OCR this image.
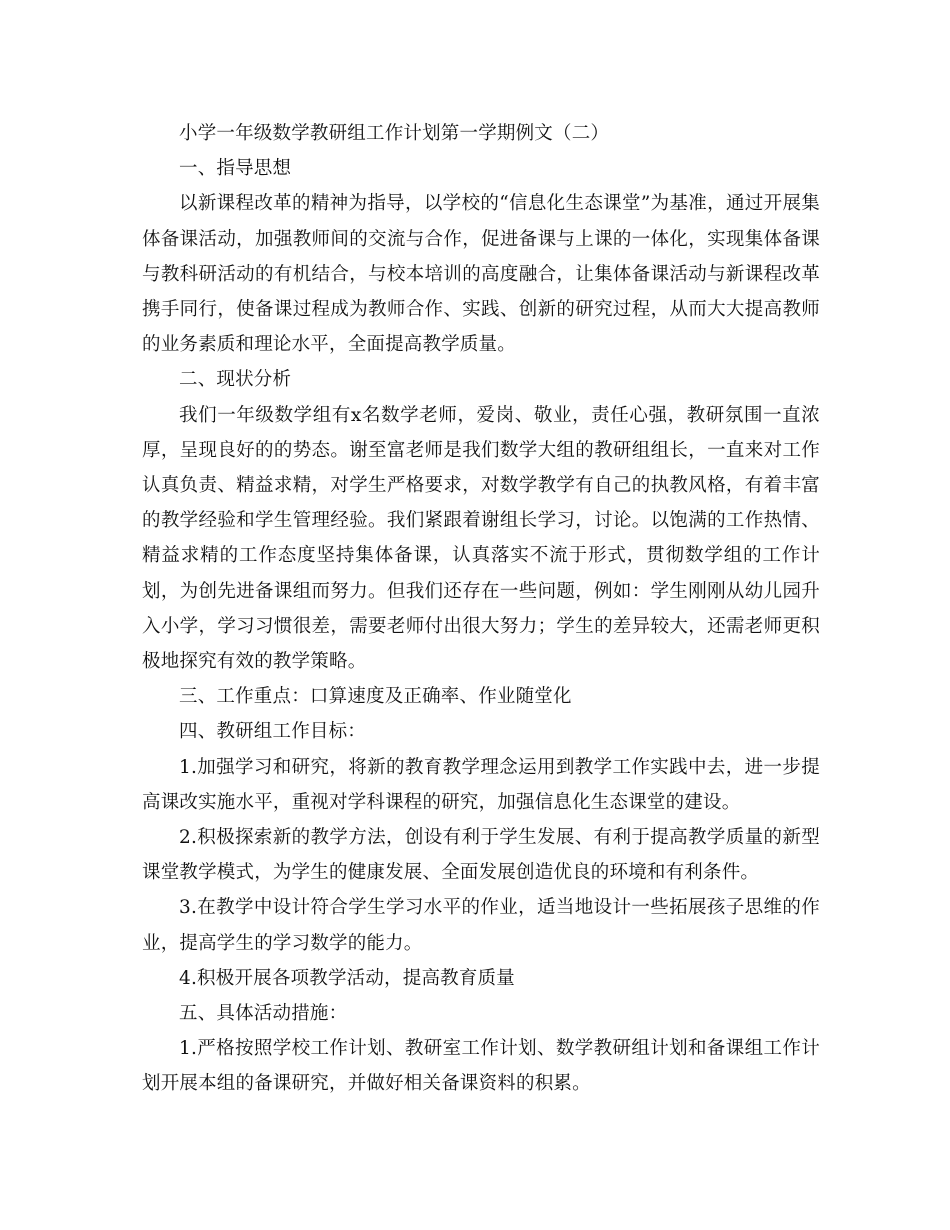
小学一年级数学教研组工作计划第一学期例文（二）

一、指导思想

以新课程改革的精神为指导，以学校的“信息化生态课堂”为基准，通过开展集体备课活动，加强教师间的交流与合作，促进备课与上课的一体化，实现集体备课与教科研活动的有机结合，与校本培训的高度融合，让集体备课活动与新课程改革携手同行，使备课过程成为教师合作、实践、创新的研究过程，从而大大提高教师的业务素质和理论水平，全面提高教学质量。

二、现状分析

我们一年级数学组有x名数学老师，爱岗、敬业，责任心强，教研氛围一直浓厚，呈现良好的的势态。谢至富老师是我们数学大组的教研组组长，一直来对工作认真负责、精益求精，对学生严格要求，对数学教学有自己的执教风格，有着丰富的教学经验和学生管理经验。我们紧跟着谢组长学习，讨论。以饱满的工作热情、精益求精的工作态度坚持集体备课，认真落实不流于形式，贯彻数学组的工作计划，为创先进备课组而努力。但我们还存在一些问题，例如：学生刚刚从幼儿园升入小学，学习习惯很差，需要老师付出很大努力；学生的差异较大，还需老师更积极地探究有效的教学策略。

三、工作重点：口算速度及正确率、作业随堂化

四、教研组工作目标：

1.加强学习和研究，将新的教育教学理念运用到教学工作实践中去，进一步提高课改实施水平，重视对学科课程的研究，加强信息化生态课堂的建设。

2.积极探索新的教学方法，创设有利于学生发展、有利于提高教学质量的新型课堂教学模式，为学生的健康发展、全面发展创造优良的环境和有利条件。

3.在教学中设计符合学生学习水平的作业，适当地设计一些拓展孩子思维的作业，提高学生的学习数学的能力。

4.积极开展各项教学活动，提高教育质量

五、具体活动措施：

1.严格按照学校工作计划、教研室工作计划、数学教研组计划和备课组工作计划开展本组的备课研究，并做好相关备课资料的积累。
